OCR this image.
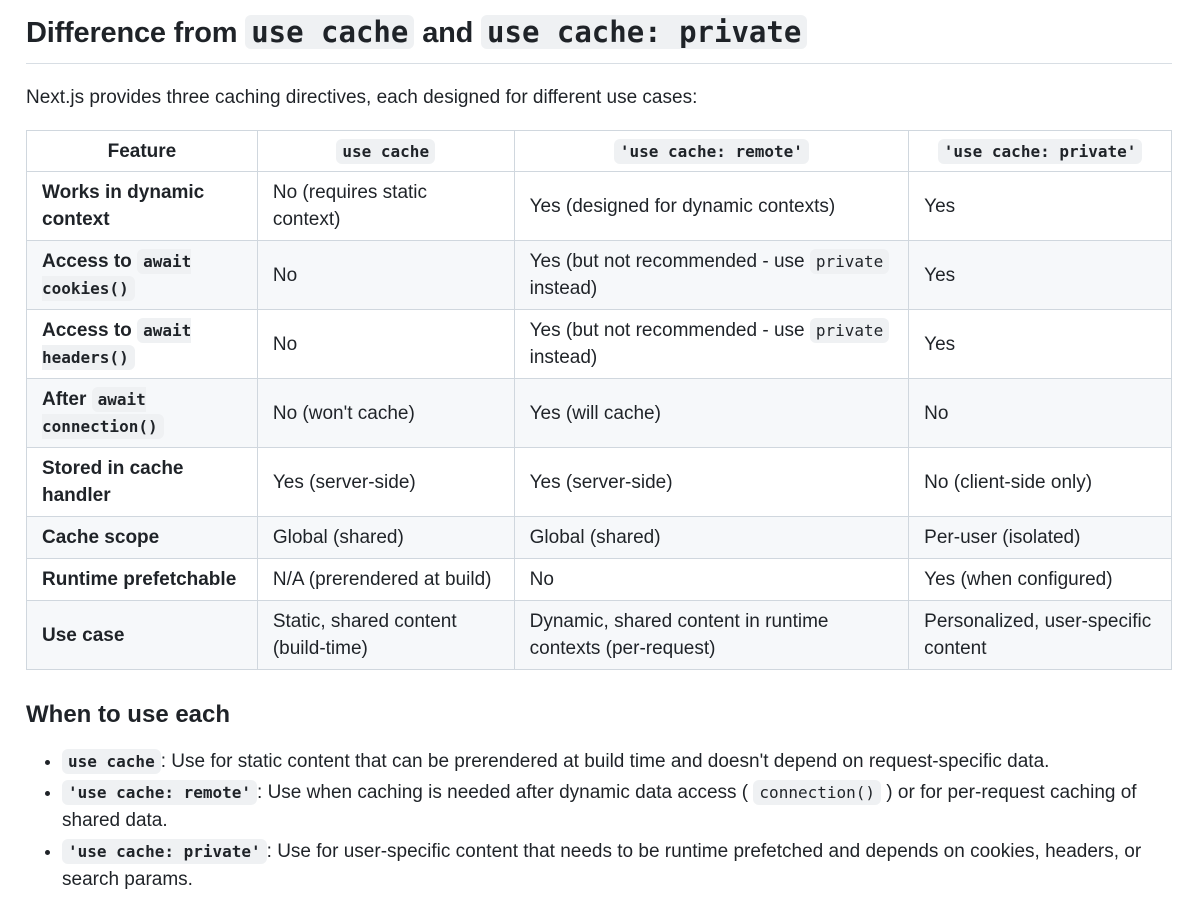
Difference from use cache and use cache: private

Next.js provides three caching directives, each designed for different use cases:

Feature	use cache	'use cache: remote'	'use cache: private'
Works in dynamic context	No (requires static context)	Yes (designed for dynamic contexts)	Yes
Access to await cookies()	No	Yes (but not recommended - use private instead)	Yes
Access to await headers()	No	Yes (but not recommended - use private instead)	Yes
After await connection()	No (won't cache)	Yes (will cache)	No
Stored in cache handler	Yes (server-side)	Yes (server-side)	No (client-side only)
Cache scope	Global (shared)	Global (shared)	Per-user (isolated)
Runtime prefetchable	N/A (prerendered at build)	No	Yes (when configured)
Use case	Static, shared content (build-time)	Dynamic, shared content in runtime contexts (per-request)	Personalized, user-specific content
When to use each
• use cache : Use for static content that can be prerendered at build time and doesn't depend on request-specific data.
• 'use cache: remote' : Use when caching is needed after dynamic data access ( connection() ) or for per-request caching of shared data.
• 'use cache: private' : Use for user-specific content that needs to be runtime prefetched and depends on cookies, headers, or search params.
